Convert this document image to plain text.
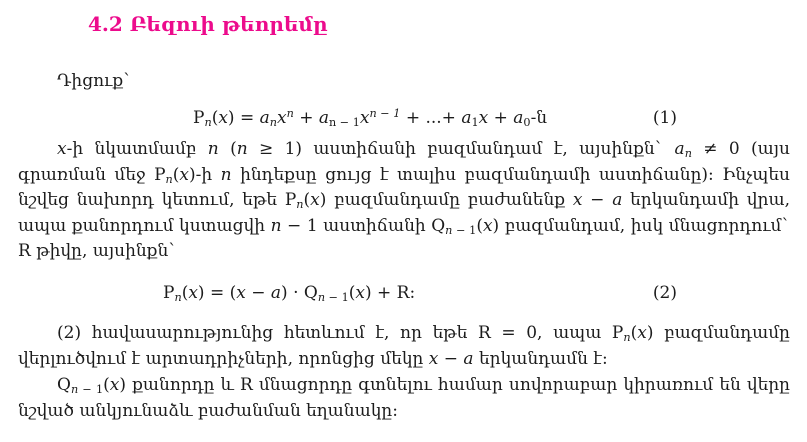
4.2 Բեզուի թեորեմը

Դիցուք`

Pn(x) = anx$^n$ + an − $1x^{n - 1}$ + ...+ a1x + a0-ն	(1)

x-ի նկատմամբ n (n ≥ 1) աստիճանի բազմանդամ է, այսինքն` an ≠ 0 (այս գրառման մեջ Pn(x)-ի n ինդեքսը ցույց է տալիս բազմանդամի աստիճանը): Ինչպես նշվեց նախորդ կետում, եթե Pn(x) բազմանդամը բաժանենք x − a երկանդամի վրա, ապա քանորդում կստացվի n − 1 աստիճանի Qn − 1(x) բազմանդամ, իսկ մնացորդում` R թիվը, այսինքն`

Pn(x) = (x − a) · Qn − 1(x) + R:	(2)

(2) հավասարությունից հետևում է, որ եթե R = 0, ապա Pn(x) բազմանդամը վերլուծվում է արտադրիչների, որոնցից մեկը x − a երկանդամն է:

Qn − 1(x) քանորդը և R մնացորդը գտնելու համար սովորաբար կիրառում են վերը նշված անկյունաձև բաժանման եղանակը:
